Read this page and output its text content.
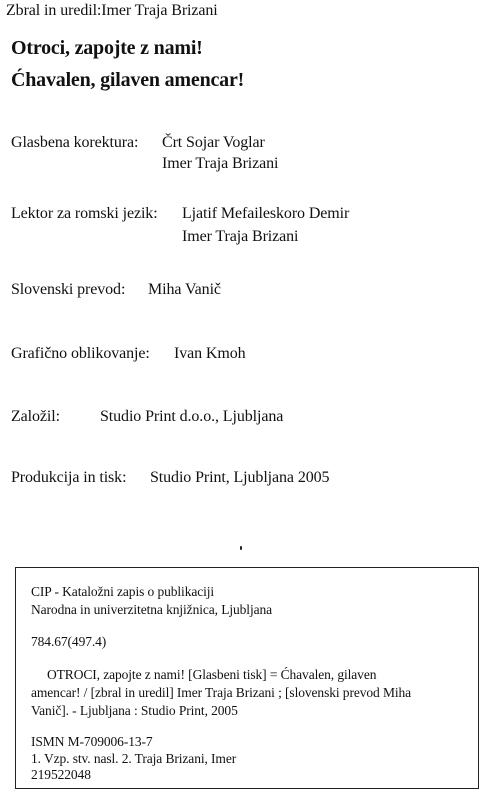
Zbral in uredil:Imer Traja Brizani
Otroci, zapojte z nami!
Ćhavalen, gilaven amencar!
Glasbena korektura: Črt Sojar Voglar
Imer Traja Brizani
Lektor za romski jezik: Ljatif Mefaileskoro Demir
Imer Traja Brizani
Slovenski prevod: Miha Vanič
Grafično oblikovanje: Ivan Kmoh
Založil:	Studio Print d.o.o., Ljubljana
Produkcija in tisk: Studio Print, Ljubljana 2005
CIP - Kataložni zapis o publikaciji
Narodna in univerzitetna knjižnica, Ljubljana
784.67(497.4)
OTROCI, zapojte z nami! [Glasbeni tisk] = Ćhavalen, gilaven
amencar! / [zbral in uredil] Imer Traja Brizani ; [slovenski prevod Miha
Vanič]. - Ljubljana : Studio Print, 2005
ISMN M-709006-13-7
1. Vzp. stv. nasl. 2. Traja Brizani, Imer
219522048
